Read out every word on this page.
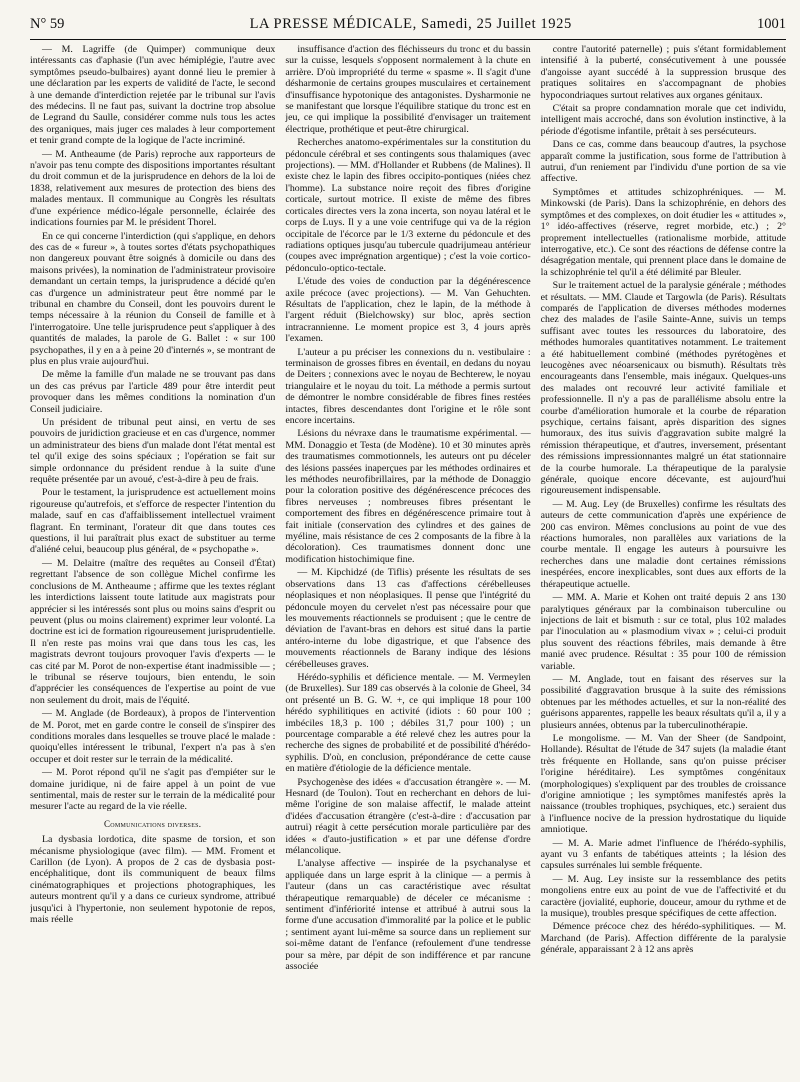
N° 59	LA PRESSE MÉDICALE, Samedi, 25 Juillet 1925	1001

— M. Lagriffe (de Quimper) communique deux intéressants cas d'aphasie (l'un avec hémiplégie, l'autre avec symptômes pseudo-bulbaires) ayant donné lieu le premier à une déclaration par les experts de validité de l'acte, le second à une demande d'interdiction rejetée par le tribunal sur l'avis des médecins. Il ne faut pas, suivant la doctrine trop absolue de Legrand du Saulle, considérer comme nuls tous les actes des organiques, mais juger ces malades à leur comportement et tenir grand compte de la logique de l'acte incriminé.

— M. Antheaume (de Paris) reproche aux rapporteurs de n'avoir pas tenu compte des dispositions importantes résultant du droit commun et de la jurisprudence en dehors de la loi de 1838, relativement aux mesures de protection des biens des malades mentaux. Il communique au Congrès les résultats d'une expérience médico-légale personnelle, éclairée des indications fournies par M. le président Thorel.

En ce qui concerne l'interdiction (qui s'applique, en dehors des cas de « fureur », à toutes sortes d'états psychopathiques non dangereux pouvant être soignés à domicile ou dans des maisons privées), la nomination de l'administrateur provisoire demandant un certain temps, la jurisprudence a décidé qu'en cas d'urgence un administrateur peut être nommé par le tribunal en chambre du Conseil, dont les pouvoirs durent le temps nécessaire à la réunion du Conseil de famille et à l'interrogatoire. Une telle jurisprudence peut s'appliquer à des quantités de malades, la parole de G. Ballet : « sur 100 psychopathes, il y en a à peine 20 d'internés », se montrant de plus en plus vraie aujourd'hui.

De même la famille d'un malade ne se trouvant pas dans un des cas prévus par l'article 489 pour être interdit peut provoquer dans les mêmes conditions la nomination d'un Conseil judiciaire.

Un président de tribunal peut ainsi, en vertu de ses pouvoirs de juridiction gracieuse et en cas d'urgence, nommer un administrateur des biens d'un malade dont l'état mental est tel qu'il exige des soins spéciaux ; l'opération se fait sur simple ordonnance du président rendue à la suite d'une requête présentée par un avoué, c'est-à-dire à peu de frais.

Pour le testament, la jurisprudence est actuellement moins rigoureuse qu'autrefois, et s'efforce de respecter l'intention du malade, sauf en cas d'affaiblissement intellectuel vraiment flagrant. En terminant, l'orateur dit que dans toutes ces questions, il lui paraîtrait plus exact de substituer au terme d'aliéné celui, beaucoup plus général, de « psychopathe ».

— M. Delaitre (maître des requêtes au Conseil d'État) regrettant l'absence de son collègue Michel confirme les conclusions de M. Antheaume ; affirme que les textes réglant les interdictions laissent toute latitude aux magistrats pour apprécier si les intéressés sont plus ou moins sains d'esprit ou peuvent (plus ou moins clairement) exprimer leur volonté. La doctrine est ici de formation rigoureusement jurisprudentielle. Il n'en reste pas moins vrai que dans tous les cas, les magistrats devront toujours provoquer l'avis d'experts — le cas cité par M. Porot de non-expertise étant inadmissible — ; le tribunal se réserve toujours, bien entendu, le soin d'apprécier les conséquences de l'expertise au point de vue non seulement du droit, mais de l'équité.

— M. Anglade (de Bordeaux), à propos de l'intervention de M. Porot, met en garde contre le conseil de s'inspirer des conditions morales dans lesquelles se trouve placé le malade : quoiqu'elles intéressent le tribunal, l'expert n'a pas à s'en occuper et doit rester sur le terrain de la médicalité.

— M. Porot répond qu'il ne s'agit pas d'empiéter sur le domaine juridique, ni de faire appel à un point de vue sentimental, mais de rester sur le terrain de la médicalité pour mesurer l'acte au regard de la vie réelle.

Communications diverses.

La dysbasia lordotica, dite spasme de torsion, et son mécanisme physiologique (avec film). — MM. Froment et Carillon (de Lyon). A propos de 2 cas de dysbasia post-encéphalitique, dont ils communiquent de beaux films cinématographiques et projections photographiques, les auteurs montrent qu'il y a dans ce curieux syndrome, attribué jusqu'ici à l'hypertonie, non seulement hypotonie de repos, mais réelle

insuffisance d'action des fléchisseurs du tronc et du bassin sur la cuisse, lesquels s'opposent normalement à la chute en arrière. D'où impropriété du terme « spasme ». Il s'agit d'une désharmonie de certains groupes musculaires et certainement d'insuffisance hypotonique des antagonistes. Dysharmonie ne se manifestant que lorsque l'équilibre statique du tronc est en jeu, ce qui implique la possibilité d'envisager un traitement électrique, prothétique et peut-être chirurgical.

Recherches anatomo-expérimentales sur la constitution du pédoncule cérébral et ses contingents sous thalamiques (avec projections). — MM. d'Hollander et Rubbens (de Malines). Il existe chez le lapin des fibres occipito-pontiques (niées chez l'homme). La substance noire reçoit des fibres d'origine corticale, surtout motrice. Il existe de même des fibres corticales directes vers la zona incerta, son noyau latéral et le corps de Luys. Il y a une voie centrifuge qui va de la région occipitale de l'écorce par le 1/3 externe du pédoncule et des radiations optiques jusqu'au tubercule quadrijumeau antérieur (coupes avec imprégnation argentique) ; c'est la voie cortico-pédonculo-optico-tectale.

L'étude des voies de conduction par la dégénérescence axile précoce (avec projections). — M. Van Gehuchten. Résultats de l'application, chez le lapin, de la méthode à l'argent réduit (Bielchowsky) sur bloc, après section intracrannienne. Le moment propice est 3, 4 jours après l'examen.

L'auteur a pu préciser les connexions du n. vestibulaire : terminaison de grosses fibres en éventail, en dedans du noyau de Deiters ; connexions avec le noyau de Bechterew, le noyau triangulaire et le noyau du toit. La méthode a permis surtout de démontrer le nombre considérable de fibres fines restées intactes, fibres descendantes dont l'origine et le rôle sont encore incertains.

Lésions du névraxe dans le traumatisme expérimental. — MM. Donaggio et Testa (de Modène). 10 et 30 minutes après des traumatismes commotionnels, les auteurs ont pu déceler des lésions passées inaperçues par les méthodes ordinaires et les méthodes neurofibrillaires, par la méthode de Donaggio pour la coloration positive des dégénérescence précoces des fibres nerveuses ; nombreuses fibres présentant le comportement des fibres en dégénérescence primaire tout à fait initiale (conservation des cylindres et des gaines de myéline, mais résistance de ces 2 composants de la fibre à la décoloration). Ces traumatismes donnent donc une modification histochimique fine.

— M. Kipchidzé (de Tiflis) présente les résultats de ses observations dans 13 cas d'affections cérébelleuses néoplasiques et non néoplasiques. Il pense que l'intégrité du pédoncule moyen du cervelet n'est pas nécessaire pour que les mouvements réactionnels se produisent ; que le centre de déviation de l'avant-bras en dehors est situé dans la partie antéro-interne du lobe digastrique, et que l'absence des mouvements réactionnels de Barany indique des lésions cérébelleuses graves.

Hérédo-syphilis et déficience mentale. — M. Vermeylen (de Bruxelles). Sur 189 cas observés à la colonie de Gheel, 34 ont présenté un B. G. W. +, ce qui implique 18 pour 100 hérédo syphilitiques en activité (idiots : 60 pour 100 ; imbéciles 18,3 p. 100 ; débiles 31,7 pour 100) ; un pourcentage comparable a été relevé chez les autres pour la recherche des signes de probabilité et de possibilité d'hérédo-syphilis. D'où, en conclusion, prépondérance de cette cause en matière d'étiologie de la déficience mentale.

Psychogenèse des idées « d'accusation étrangère ». — M. Hesnard (de Toulon). Tout en recherchant en dehors de lui-même l'origine de son malaise affectif, le malade atteint d'idées d'accusation étrangère (c'est-à-dire : d'accusation par autrui) réagit à cette persécution morale particulière par des idées « d'auto-justification » et par une défense d'ordre mélancolique.

L'analyse affective — inspirée de la psychanalyse et appliquée dans un large esprit à la clinique — a permis à l'auteur (dans un cas caractéristique avec résultat thérapeutique remarquable) de déceler ce mécanisme : sentiment d'infériorité intense et attribué à autrui sous la forme d'une accusation d'immoralité par la police et le public ; sentiment ayant lui-même sa source dans un repliement sur soi-même datant de l'enfance (refoulement d'une tendresse pour sa mère, par dépit de son indifférence et par rancune associée

contre l'autorité paternelle) ; puis s'étant formidablement intensifié à la puberté, consécutivement à une poussée d'angoisse ayant succédé à la suppression brusque des pratiques solitaires en s'accompagnant de phobies hypocondriaques surtout relatives aux organes génitaux.

C'était sa propre condamnation morale que cet individu, intelligent mais accroché, dans son évolution instinctive, à la période d'égotisme infantile, prêtait à ses persécuteurs.

Dans ce cas, comme dans beaucoup d'autres, la psychose apparaît comme la justification, sous forme de l'attribution à autrui, d'un reniement par l'individu d'une portion de sa vie affective.

Symptômes et attitudes schizophréniques. — M. Minkowski (de Paris). Dans la schizophrénie, en dehors des symptômes et des complexes, on doit étudier les « attitudes », 1° idéo-affectives (réserve, regret morbide, etc.) ; 2° proprement intellectuelles (rationalisme morbide, attitude interrogative, etc.). Ce sont des réactions de défense contre la désagrégation mentale, qui prennent place dans le domaine de la schizophrénie tel qu'il a été délimité par Bleuler.

Sur le traitement actuel de la paralysie générale ; méthodes et résultats. — MM. Claude et Targowla (de Paris). Résultats comparés de l'application de diverses méthodes modernes chez des malades de l'asile Sainte-Anne, suivis un temps suffisant avec toutes les ressources du laboratoire, des méthodes humorales quantitatives notamment. Le traitement a été habituellement combiné (méthodes pyrétogènes et leucogènes avec néoarsenicaux ou bismuth). Résultats très encourageants dans l'ensemble, mais inégaux. Quelques-uns des malades ont recouvré leur activité familiale et professionnelle. Il n'y a pas de parallélisme absolu entre la courbe d'amélioration humorale et la courbe de réparation psychique, certains faisant, après disparition des signes humoraux, des itus suivis d'aggravation subite malgré la rémission thérapeutique, et d'autres, inversement, présentant des rémissions impressionnantes malgré un état stationnaire de la courbe humorale. La thérapeutique de la paralysie générale, quoique encore décevante, est aujourd'hui rigoureusement indispensable.

— M. Aug. Ley (de Bruxelles) confirme les résultats des auteurs de cette communication d'après une expérience de 200 cas environ. Mêmes conclusions au point de vue des réactions humorales, non parallèles aux variations de la courbe mentale. Il engage les auteurs à poursuivre les recherches dans une maladie dont certaines rémissions inespérées, encore inexplicables, sont dues aux efforts de la thérapeutique actuelle.

— MM. A. Marie et Kohen ont traité depuis 2 ans 130 paralytiques généraux par la combinaison tuberculine ou injections de lait et bismuth : sur ce total, plus 102 malades par l'inoculation au « plasmodium vivax » ; celui-ci produit plus souvent des réactions fébriles, mais demande à être manié avec prudence. Résultat : 35 pour 100 de rémission variable.

— M. Anglade, tout en faisant des réserves sur la possibilité d'aggravation brusque à la suite des rémissions obtenues par les méthodes actuelles, et sur la non-réalité des guérisons apparentes, rappelle les beaux résultats qu'il a, il y a plusieurs années, obtenus par la tuberculinothérapie.

Le mongolisme. — M. Van der Sheer (de Sandpoint, Hollande). Résultat de l'étude de 347 sujets (la maladie étant très fréquente en Hollande, sans qu'on puisse préciser l'origine héréditaire). Les symptômes congénitaux (morphologiques) s'expliquent par des troubles de croissance d'origine amniotique ; les symptômes manifestés après la naissance (troubles trophiques, psychiques, etc.) seraient dus à l'influence nocive de la pression hydrostatique du liquide amniotique.

— M. A. Marie admet l'influence de l'hérédo-syphilis, ayant vu 3 enfants de tabétiques atteints ; la lésion des capsules surrénales lui semble fréquente.

— M. Aug. Ley insiste sur la ressemblance des petits mongoliens entre eux au point de vue de l'affectivité et du caractère (jovialité, euphorie, douceur, amour du rythme et de la musique), troubles presque spécifiques de cette affection.

Démence précoce chez des hérédo-syphilitiques. — M. Marchand (de Paris). Affection différente de la paralysie générale, apparaissant 2 à 12 ans après
